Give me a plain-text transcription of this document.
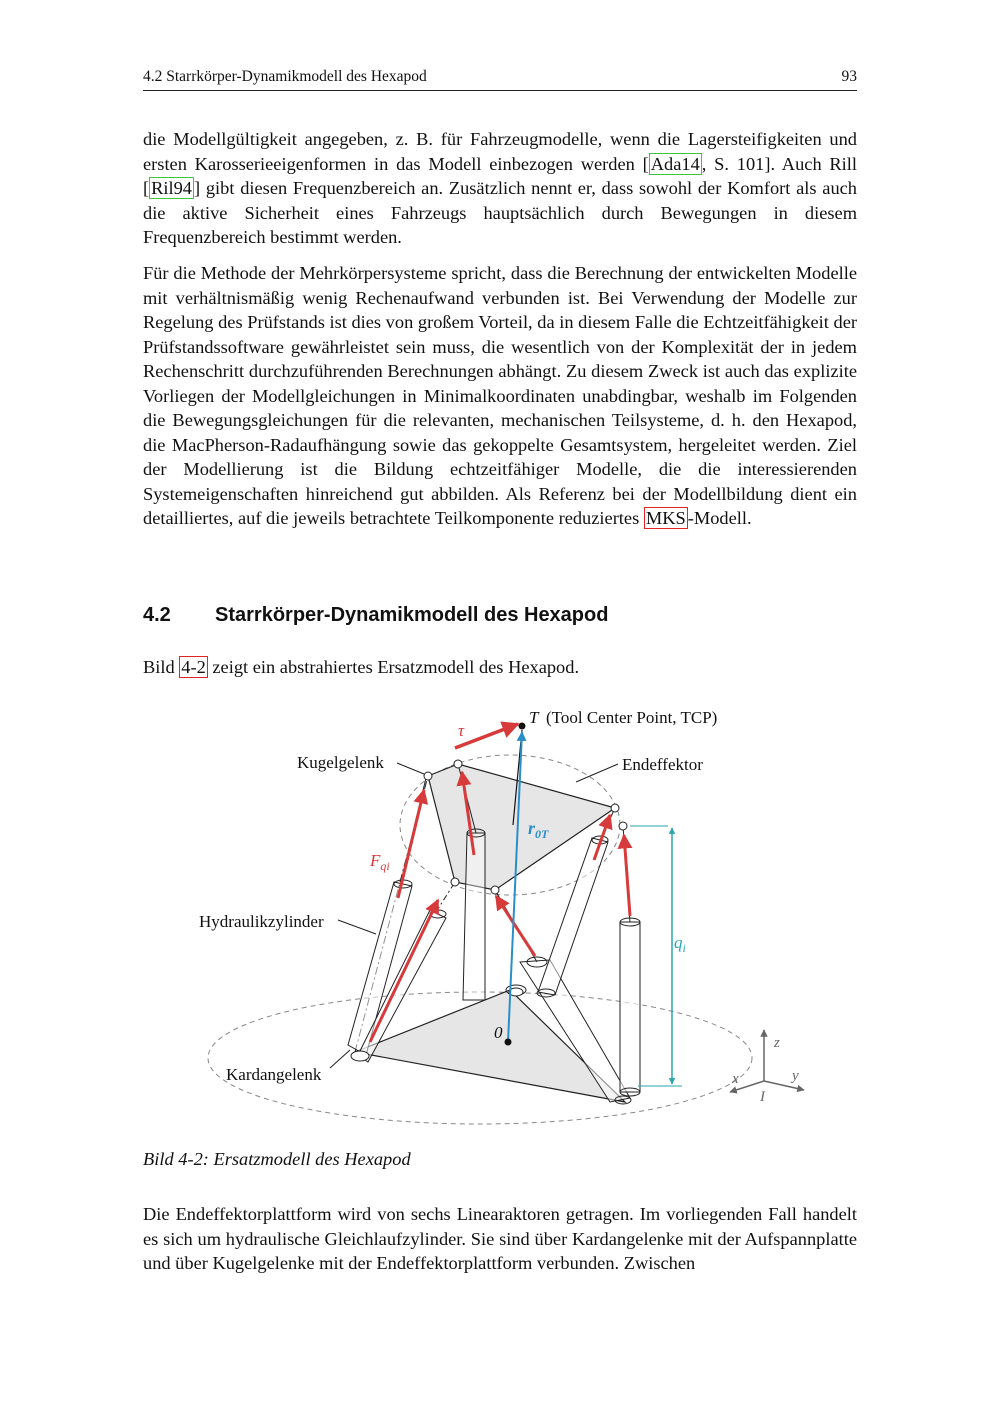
4.2 Starrkörper-Dynamikmodell des Hexapod	93

die Modellgültigkeit angegeben, z. B. für Fahrzeugmodelle, wenn die Lagersteifigkeiten und ersten Karosserieeigenformen in das Modell einbezogen werden [ Ada14 , S. 101]. Auch Rill [ Ril94 ] gibt diesen Frequenzbereich an. Zusätzlich nennt er, dass sowohl der Komfort als auch die aktive Sicherheit eines Fahrzeugs hauptsächlich durch Bewegungen in diesem Frequenzbereich bestimmt werden.

Für die Methode der Mehrkörpersysteme spricht, dass die Berechnung der entwickelten Modelle mit verhältnismäßig wenig Rechenaufwand verbunden ist. Bei Verwendung der Modelle zur Regelung des Prüfstands ist dies von großem Vorteil, da in diesem Falle die Echtzeitfähigkeit der Prüfstandssoftware gewährleistet sein muss, die wesentlich von der Komplexität der in jedem Rechenschritt durchzuführenden Berechnungen abhängt. Zu diesem Zweck ist auch das explizite Vorliegen der Modellgleichungen in Minimalkoordinaten unabdingbar, weshalb im Folgenden die Bewegungsgleichungen für die relevanten, mechanischen Teilsysteme, d. h. den Hexapod, die MacPherson-Radaufhängung sowie das gekoppelte Gesamtsystem, hergeleitet werden. Ziel der Modellierung ist die Bildung echtzeitfähiger Modelle, die die interessierenden Systemeigenschaften hinreichend gut abbilden. Als Referenz bei der Modellbildung dient ein detailliertes, auf die jeweils betrachtete Teilkomponente reduziertes MKS -Modell.

4.2 Starrkörper-Dynamikmodell des Hexapod

Bild 4-2 zeigt ein abstrahiertes Ersatzmodell des Hexapod.

τ
T (Tool Center Point, TCP)
Kugelgelenk	Endeffektor
$r_{0T}$
$F_{qi}$
Hydraulikzylinder
$q_i$
0
Kardangelenk
z
x	y
I
Bild 4-2: Ersatzmodell des Hexapod

Die Endeffektorplattform wird von sechs Linearaktoren getragen. Im vorliegenden Fall handelt es sich um hydraulische Gleichlaufzylinder. Sie sind über Kardangelenke mit der Aufspannplatte und über Kugelgelenke mit der Endeffektorplattform verbunden. Zwischen
